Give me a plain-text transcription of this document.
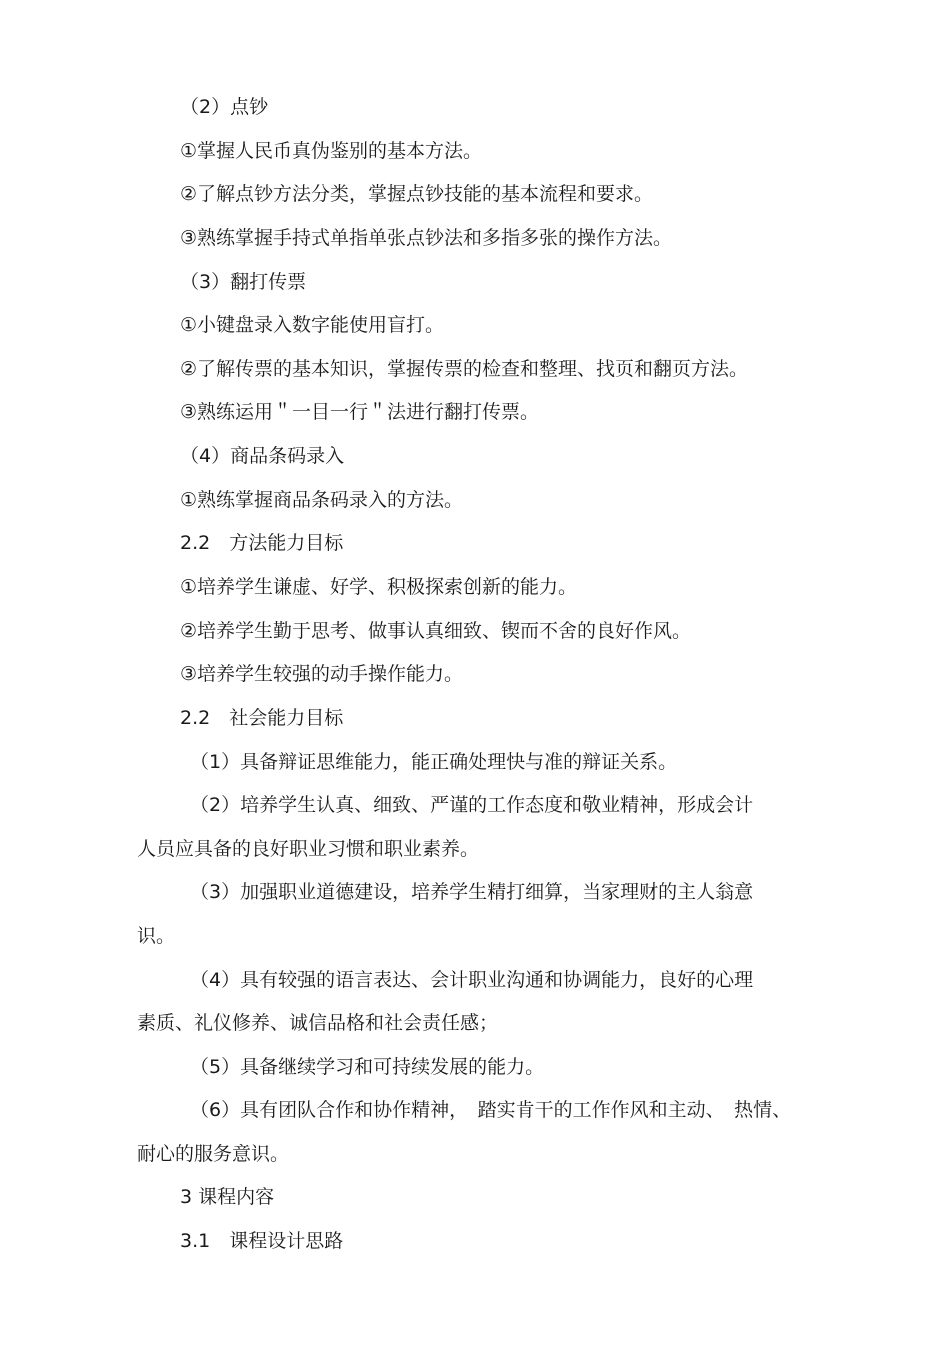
（2）点钞

①掌握人民币真伪鉴别的基本方法。

②了解点钞方法分类，掌握点钞技能的基本流程和要求。

③熟练掌握手持式单指单张点钞法和多指多张的操作方法。

（3）翻打传票

①小键盘录入数字能使用盲打。

②了解传票的基本知识，掌握传票的检查和整理、找页和翻页方法。

③熟练运用＂一目一行＂法进行翻打传票。

（4）商品条码录入

①熟练掌握商品条码录入的方法。

2.2　方法能力目标

①培养学生谦虚、好学、积极探索创新的能力。

②培养学生勤于思考、做事认真细致、锲而不舍的良好作风。

③培养学生较强的动手操作能力。

2.2　社会能力目标

（1）具备辩证思维能力，能正确处理快与准的辩证关系。

（2）培养学生认真、细致、严谨的工作态度和敬业精神，形成会计

人员应具备的良好职业习惯和职业素养。

（3）加强职业道德建设，培养学生精打细算，当家理财的主人翁意

识。

（4）具有较强的语言表达、会计职业沟通和协调能力，良好的心理

素质、礼仪修养、诚信品格和社会责任感；

（5）具备继续学习和可持续发展的能力。

（6）具有团队合作和协作精神，　踏实肯干的工作作风和主动、　热情、

耐心的服务意识。

3 课程内容

3.1　课程设计思路
